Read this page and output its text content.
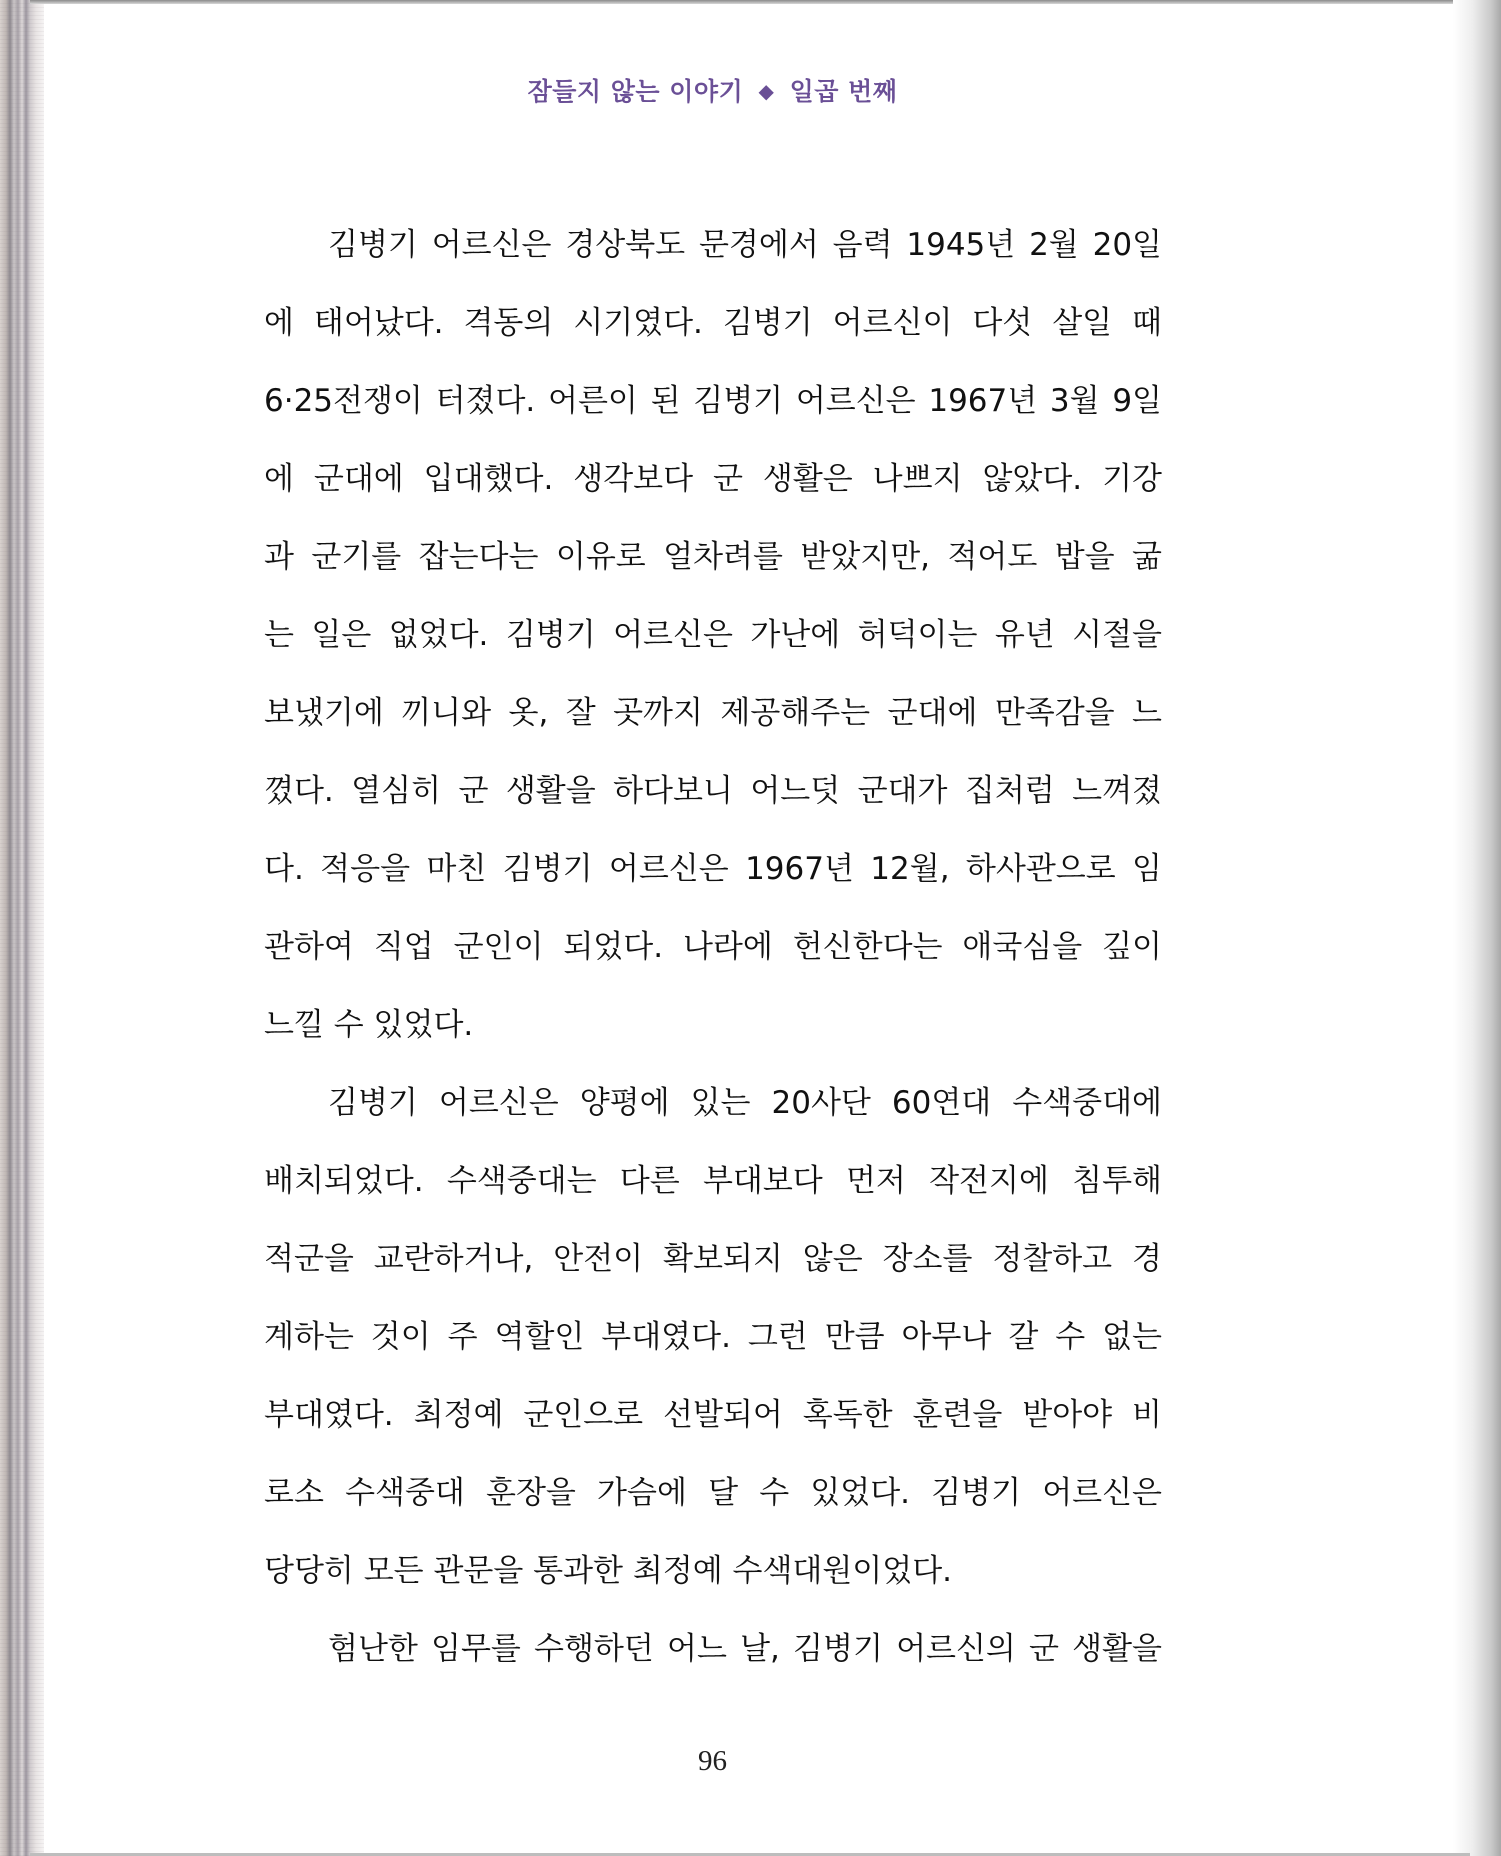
잠들지 않는 이야기 ◆ 일곱 번째
김병기 어르신은 경상북도 문경에서 음력 1945년 2월 20일
에 태어났다. 격동의 시기였다. 김병기 어르신이 다섯 살일 때
6·25전쟁이 터졌다. 어른이 된 김병기 어르신은 1967년 3월 9일
에 군대에 입대했다. 생각보다 군 생활은 나쁘지 않았다. 기강
과 군기를 잡는다는 이유로 얼차려를 받았지만, 적어도 밥을 굶
는 일은 없었다. 김병기 어르신은 가난에 허덕이는 유년 시절을
보냈기에 끼니와 옷, 잘 곳까지 제공해주는 군대에 만족감을 느
꼈다. 열심히 군 생활을 하다보니 어느덧 군대가 집처럼 느껴졌
다. 적응을 마친 김병기 어르신은 1967년 12월, 하사관으로 임
관하여 직업 군인이 되었다. 나라에 헌신한다는 애국심을 깊이
느낄 수 있었다.
김병기 어르신은 양평에 있는 20사단 60연대 수색중대에
배치되었다. 수색중대는 다른 부대보다 먼저 작전지에 침투해
적군을 교란하거나, 안전이 확보되지 않은 장소를 정찰하고 경
계하는 것이 주 역할인 부대였다. 그런 만큼 아무나 갈 수 없는
부대였다. 최정예 군인으로 선발되어 혹독한 훈련을 받아야 비
로소 수색중대 훈장을 가슴에 달 수 있었다. 김병기 어르신은
당당히 모든 관문을 통과한 최정예 수색대원이었다.
험난한 임무를 수행하던 어느 날, 김병기 어르신의 군 생활을
96
